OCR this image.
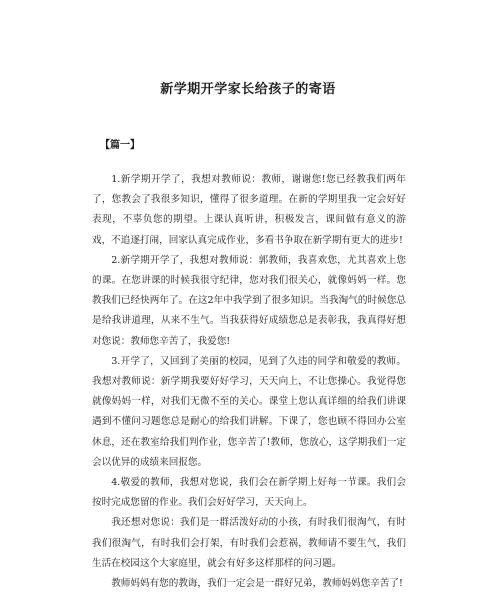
新学期开学家长给孩子的寄语
【篇一】

1.新学期开学了，我想对教师说：教师，谢谢您!您已经教我们两年了，您教会了我很多知识，懂得了很多道理。在新的学期里我一定会好好表现，不辜负您的期望。上课认真听讲，积极发言，课间做有意义的游戏，不追逐打闹，回家认真完成作业，多看书争取在新学期有更大的进步!

2.新学期开学了，我想对教师说：郭教师，我喜欢您，尤其喜欢上您的课。在您讲课的时候我很守纪律，您对我们很关心，就像妈妈一样。您教我们已经快两年了。在这2年中我学到了很多知识。当我淘气的时候您总是给我讲道理，从来不生气。当我获得好成绩您总是表彰我，我真得好想对您说：教师您辛苦了，我爱您!

3.开学了，又回到了美丽的校园，见到了久违的同学和敬爱的教师。我想对教师说：新学期我要好好学习，天天向上，不让您操心。我觉得您就像妈妈一样，对我们无微不至的关心。课堂上您认真详细的给我们讲课遇到不懂问习题您总是耐心的给我们讲解。下课了，您也顾不得回办公室休息，还在教室给我们判作业，您辛苦了!教师，您放心，这学期我们一定会以优异的成绩来回报您。

4.敬爱的教师，我想对您说，我们会在新学期上好每一节课。我们会按时完成您留的作业。我们会好好学习，天天向上。

我还想对您说：我们是一群活泼好动的小孩，有时我们很淘气，有时我们很淘气，有时我们会打架，有时我们会惹祸，教师请不要生气，我们生活在校园这个大家庭里，就会有好多这样那样的问习题。

教师妈妈有您的教诲，我们一定会是一群好兄弟，教师妈妈您辛苦了!
